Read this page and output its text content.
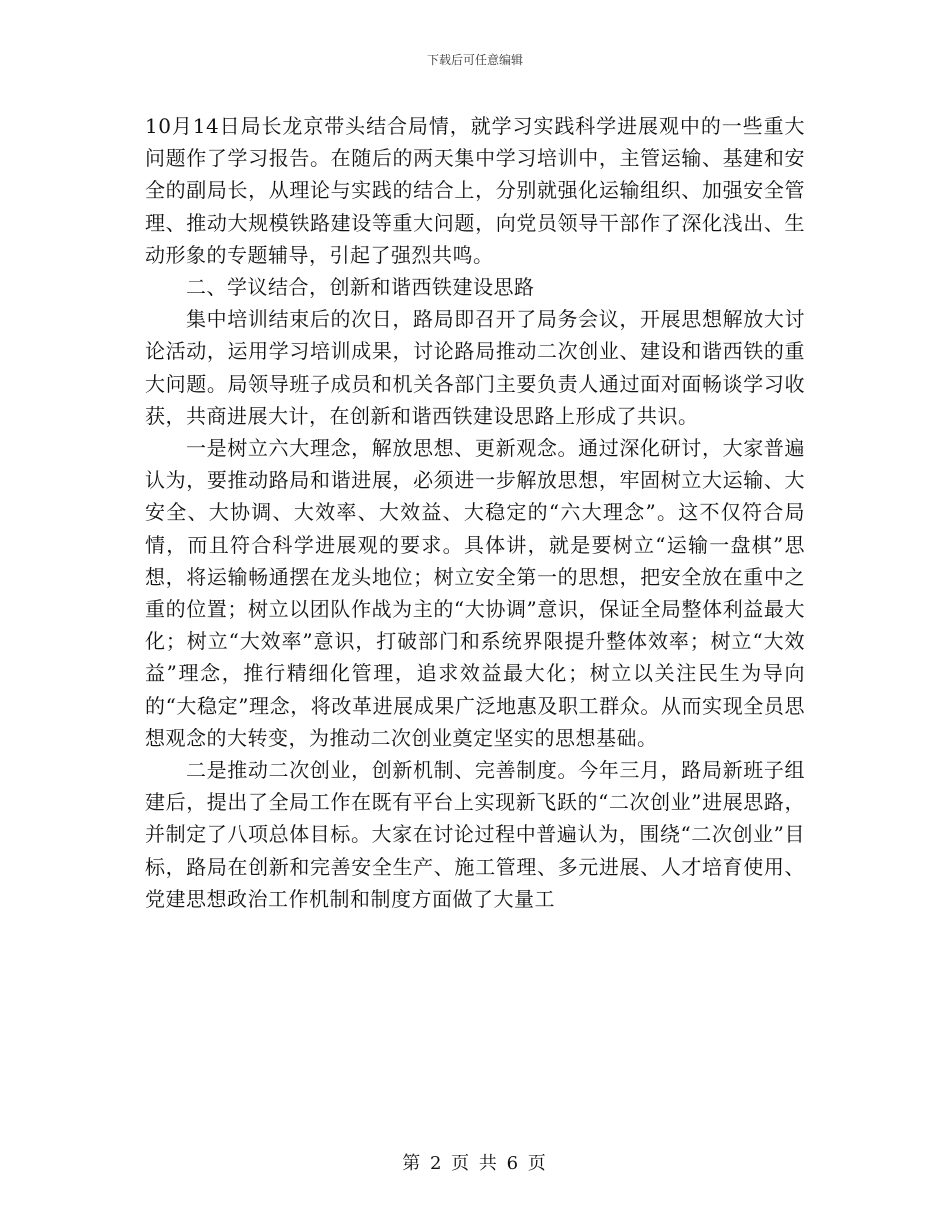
下载后可任意编辑

10月14日局长龙京带头结合局情，就学习实践科学进展观中的一些重大问题作了学习报告。在随后的两天集中学习培训中，主管运输、基建和安全的副局长，从理论与实践的结合上，分别就强化运输组织、加强安全管理、推动大规模铁路建设等重大问题，向党员领导干部作了深化浅出、生动形象的专题辅导，引起了强烈共鸣。

二、学议结合，创新和谐西铁建设思路

集中培训结束后的次日，路局即召开了局务会议，开展思想解放大讨论活动，运用学习培训成果，讨论路局推动二次创业、建设和谐西铁的重大问题。局领导班子成员和机关各部门主要负责人通过面对面畅谈学习收获，共商进展大计，在创新和谐西铁建设思路上形成了共识。

一是树立六大理念，解放思想、更新观念。通过深化研讨，大家普遍认为，要推动路局和谐进展，必须进一步解放思想，牢固树立大运输、大安全、大协调、大效率、大效益、大稳定的“六大理念”。这不仅符合局情，而且符合科学进展观的要求。具体讲，就是要树立“运输一盘棋”思想，将运输畅通摆在龙头地位；树立安全第一的思想，把安全放在重中之重的位置；树立以团队作战为主的“大协调”意识，保证全局整体利益最大化；树立“大效率”意识，打破部门和系统界限提升整体效率；树立“大效益”理念，推行精细化管理，追求效益最大化；树立以关注民生为导向的“大稳定”理念，将改革进展成果广泛地惠及职工群众。从而实现全员思想观念的大转变，为推动二次创业奠定坚实的思想基础。

二是推动二次创业，创新机制、完善制度。今年三月，路局新班子组建后，提出了全局工作在既有平台上实现新飞跃的“二次创业”进展思路，并制定了八项总体目标。大家在讨论过程中普遍认为，围绕“二次创业”目标，路局在创新和完善安全生产、施工管理、多元进展、人才培育使用、党建思想政治工作机制和制度方面做了大量工

第 2 页 共 6 页
